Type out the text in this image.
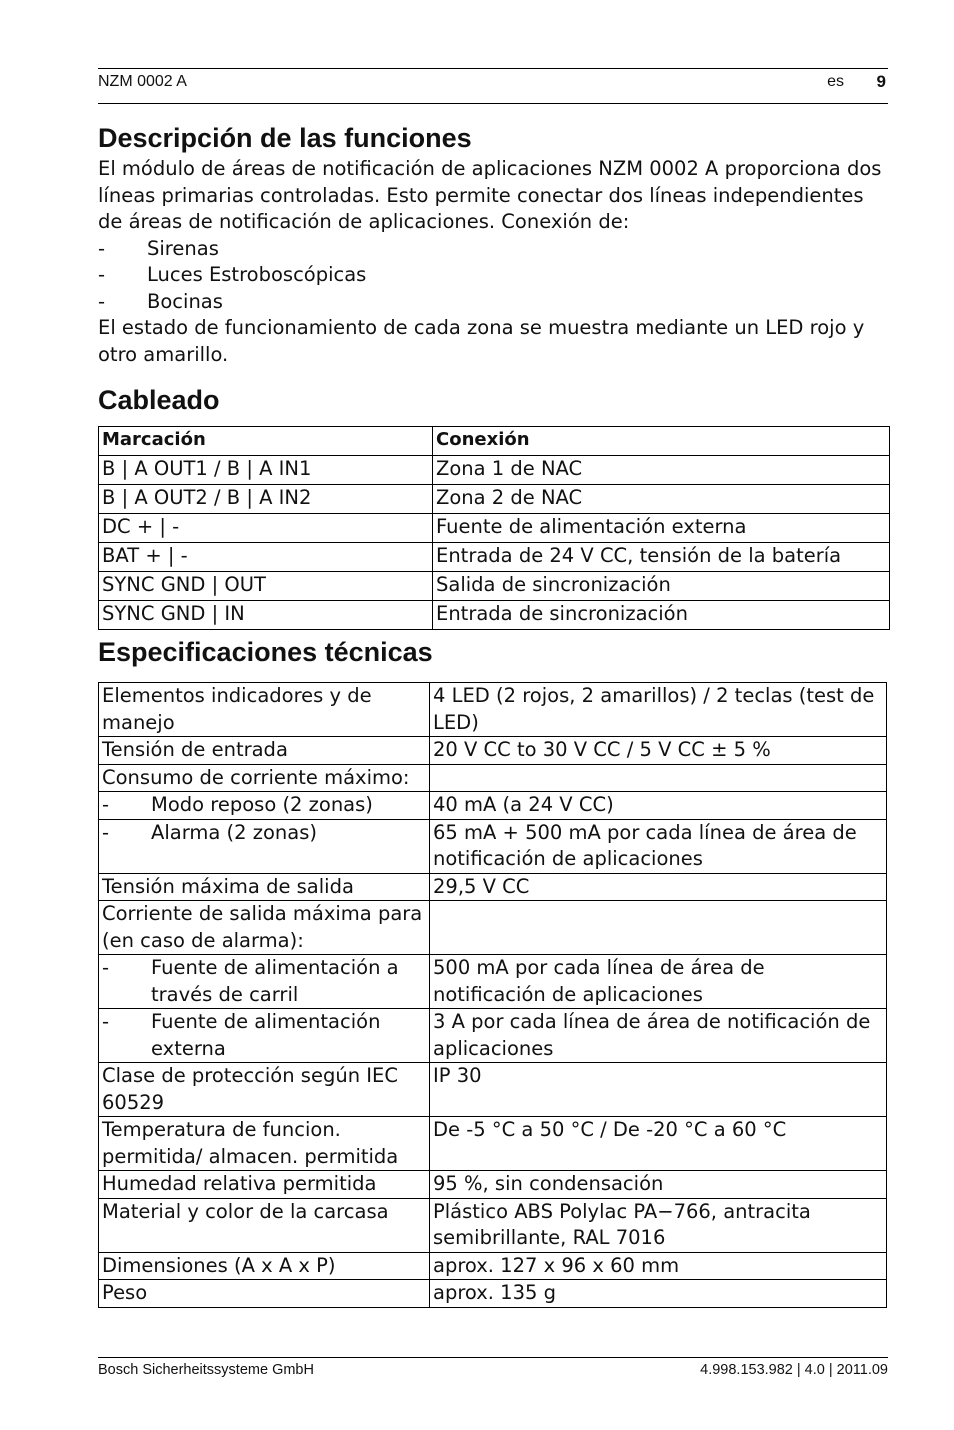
NZM 0002 A	es 9
Descripción de las funciones

El módulo de áreas de notificación de aplicaciones NZM 0002 A proporciona dos líneas primarias controladas. Esto permite conectar dos líneas independientes de áreas de notificación de aplicaciones. Conexión de:

- Sirenas
- Luces Estroboscópicas
- Bocinas

El estado de funcionamiento de cada zona se muestra mediante un LED rojo y otro amarillo.

Cableado
Marcación	Conexión
B | A OUT1 / B | A IN1	Zona 1 de NAC
B | A OUT2 / B | A IN2	Zona 2 de NAC
DC + | -	Fuente de alimentación externa
BAT + | -	Entrada de 24 V CC, tensión de la batería
SYNC GND | OUT	Salida de sincronización
SYNC GND | IN	Entrada de sincronización
Especificaciones técnicas
Elementos indicadores y de manejo	4 LED (2 rojos, 2 amarillos) / 2 teclas (test de LED)
Tensión de entrada	20 V CC to 30 V CC / 5 V CC ± 5 %
Consumo de corriente máximo:	

- Modo reposo (2 zonas)	40 mA (a 24 V CC)

- Alarma (2 zonas)	65 mA + 500 mA por cada línea de área de notificación de aplicaciones
Tensión máxima de salida	29,5 V CC
Corriente de salida máxima para (en caso de alarma):	

- Fuente de alimentación a través de carril	500 mA por cada línea de área de notificación de aplicaciones

- Fuente de alimentación externa	3 A por cada línea de área de notificación de aplicaciones
Clase de protección según IEC 60529	IP 30
Temperatura de funcion. permitida/ almacen. permitida	De -5 °C a 50 °C / De -20 °C a 60 °C
Humedad relativa permitida	95 %, sin condensación
Material y color de la carcasa	Plástico ABS Polylac PA−766, antracita semibrillante, RAL 7016
Dimensiones (A x A x P)	aprox. 127 x 96 x 60 mm
Peso	aprox. 135 g
Bosch Sicherheitssysteme GmbH	4.998.153.982 | 4.0 | 2011.09
